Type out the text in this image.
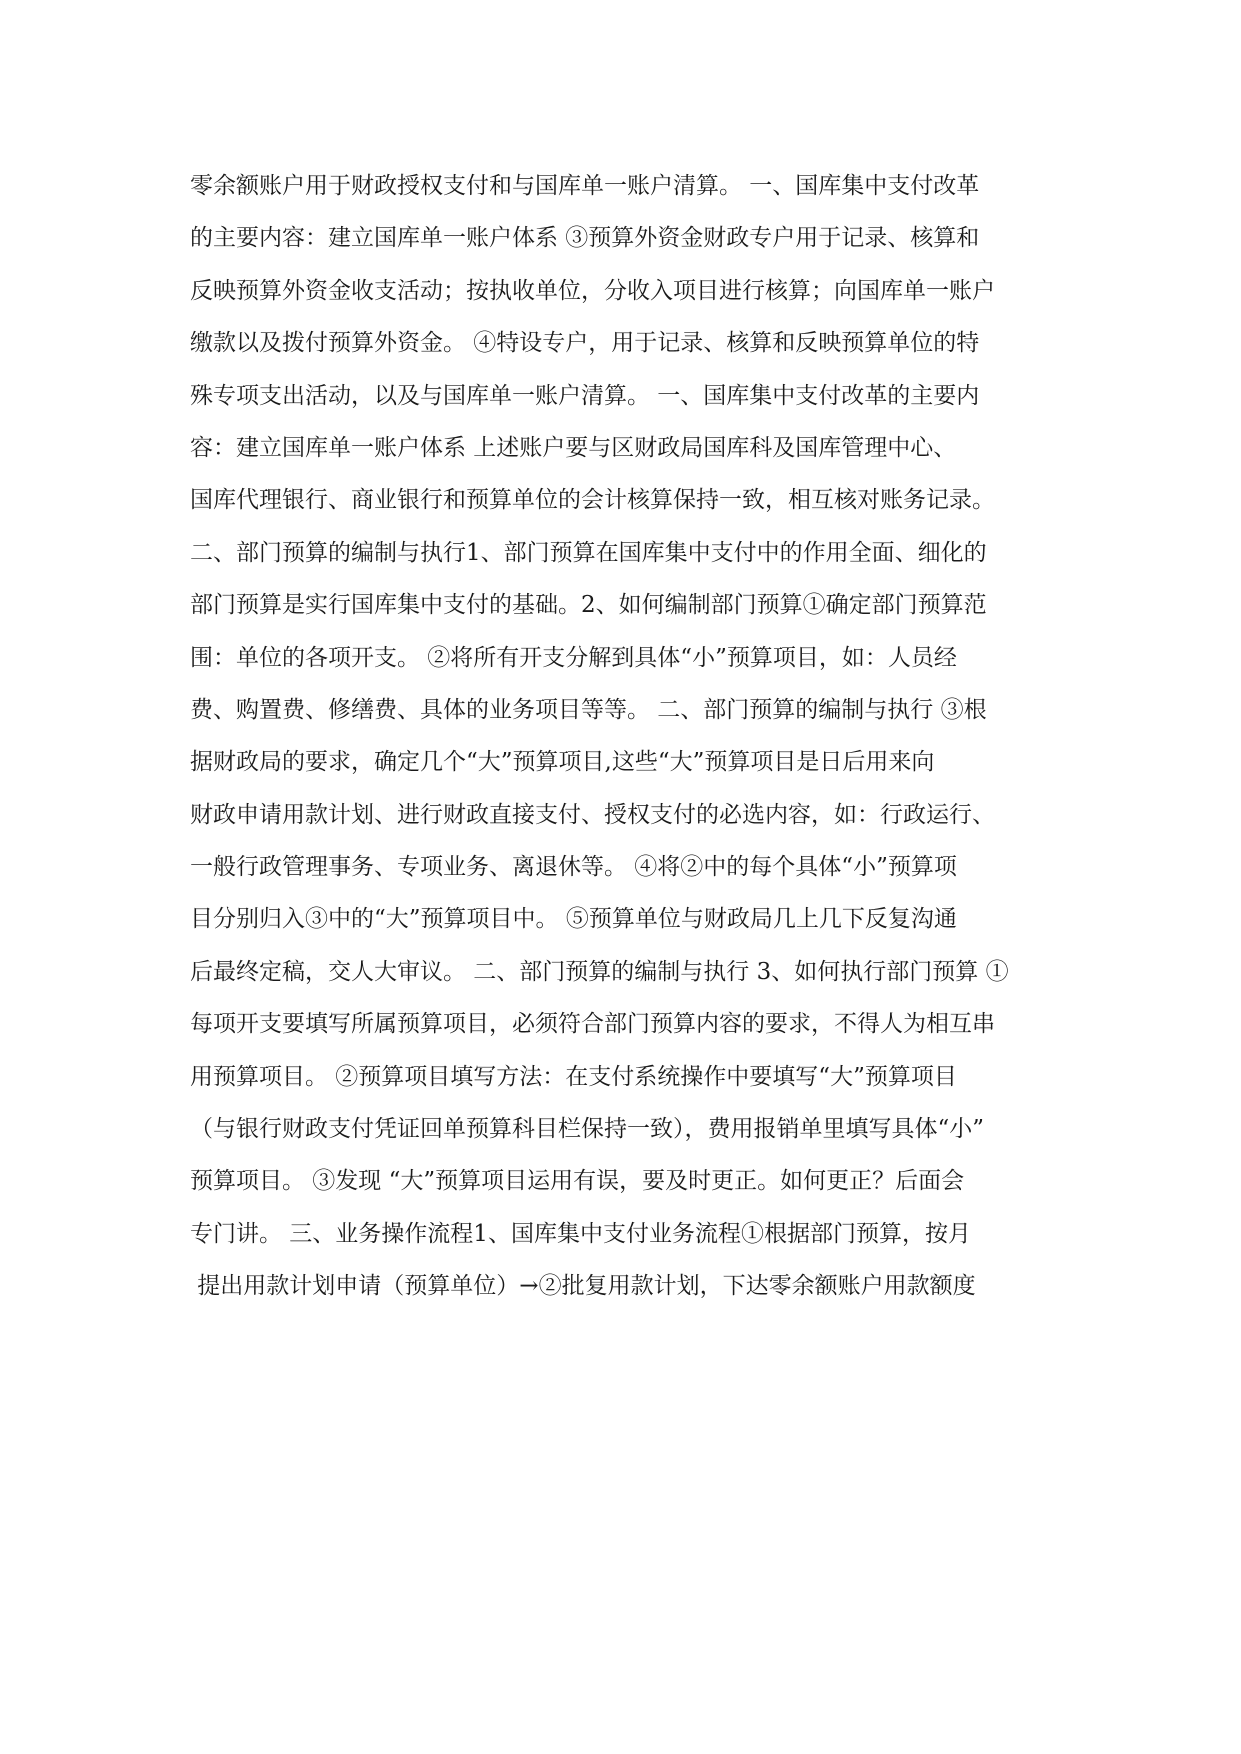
零余额账户用于财政授权支付和与国库单一账户清算。 一、国库集中支付改革
的主要内容：建立国库单一账户体系 ③预算外资金财政专户用于记录、核算和
反映预算外资金收支活动；按执收单位，分收入项目进行核算；向国库单一账户
缴款以及拨付预算外资金。 ④特设专户，用于记录、核算和反映预算单位的特
殊专项支出活动，以及与国库单一账户清算。 一、国库集中支付改革的主要内
容：建立国库单一账户体系 上述账户要与区财政局国库科及国库管理中心、
国库代理银行、商业银行和预算单位的会计核算保持一致，相互核对账务记录。
二、部门预算的编制与执行1、部门预算在国库集中支付中的作用全面、细化的
部门预算是实行国库集中支付的基础。2、如何编制部门预算①确定部门预算范
围：单位的各项开支。 ②将所有开支分解到具体“小”预算项目，如：人员经
费、购置费、修缮费、具体的业务项目等等。 二、部门预算的编制与执行 ③根
据财政局的要求，确定几个“大”预算项目,这些“大”预算项目是日后用来向
财政申请用款计划、进行财政直接支付、授权支付的必选内容，如：行政运行、
一般行政管理事务、专项业务、离退休等。 ④将②中的每个具体“小”预算项
目分别归入③中的“大”预算项目中。 ⑤预算单位与财政局几上几下反复沟通
后最终定稿，交人大审议。 二、部门预算的编制与执行 3、如何执行部门预算 ①
每项开支要填写所属预算项目，必须符合部门预算内容的要求，不得人为相互串
用预算项目。 ②预算项目填写方法：在支付系统操作中要填写“大”预算项目
（与银行财政支付凭证回单预算科目栏保持一致），费用报销单里填写具体“小”
预算项目。 ③发现 “大”预算项目运用有误，要及时更正。如何更正？后面会
专门讲。 三、业务操作流程1、国库集中支付业务流程①根据部门预算，按月
提出用款计划申请（预算单位）→②批复用款计划，下达零余额账户用款额度
